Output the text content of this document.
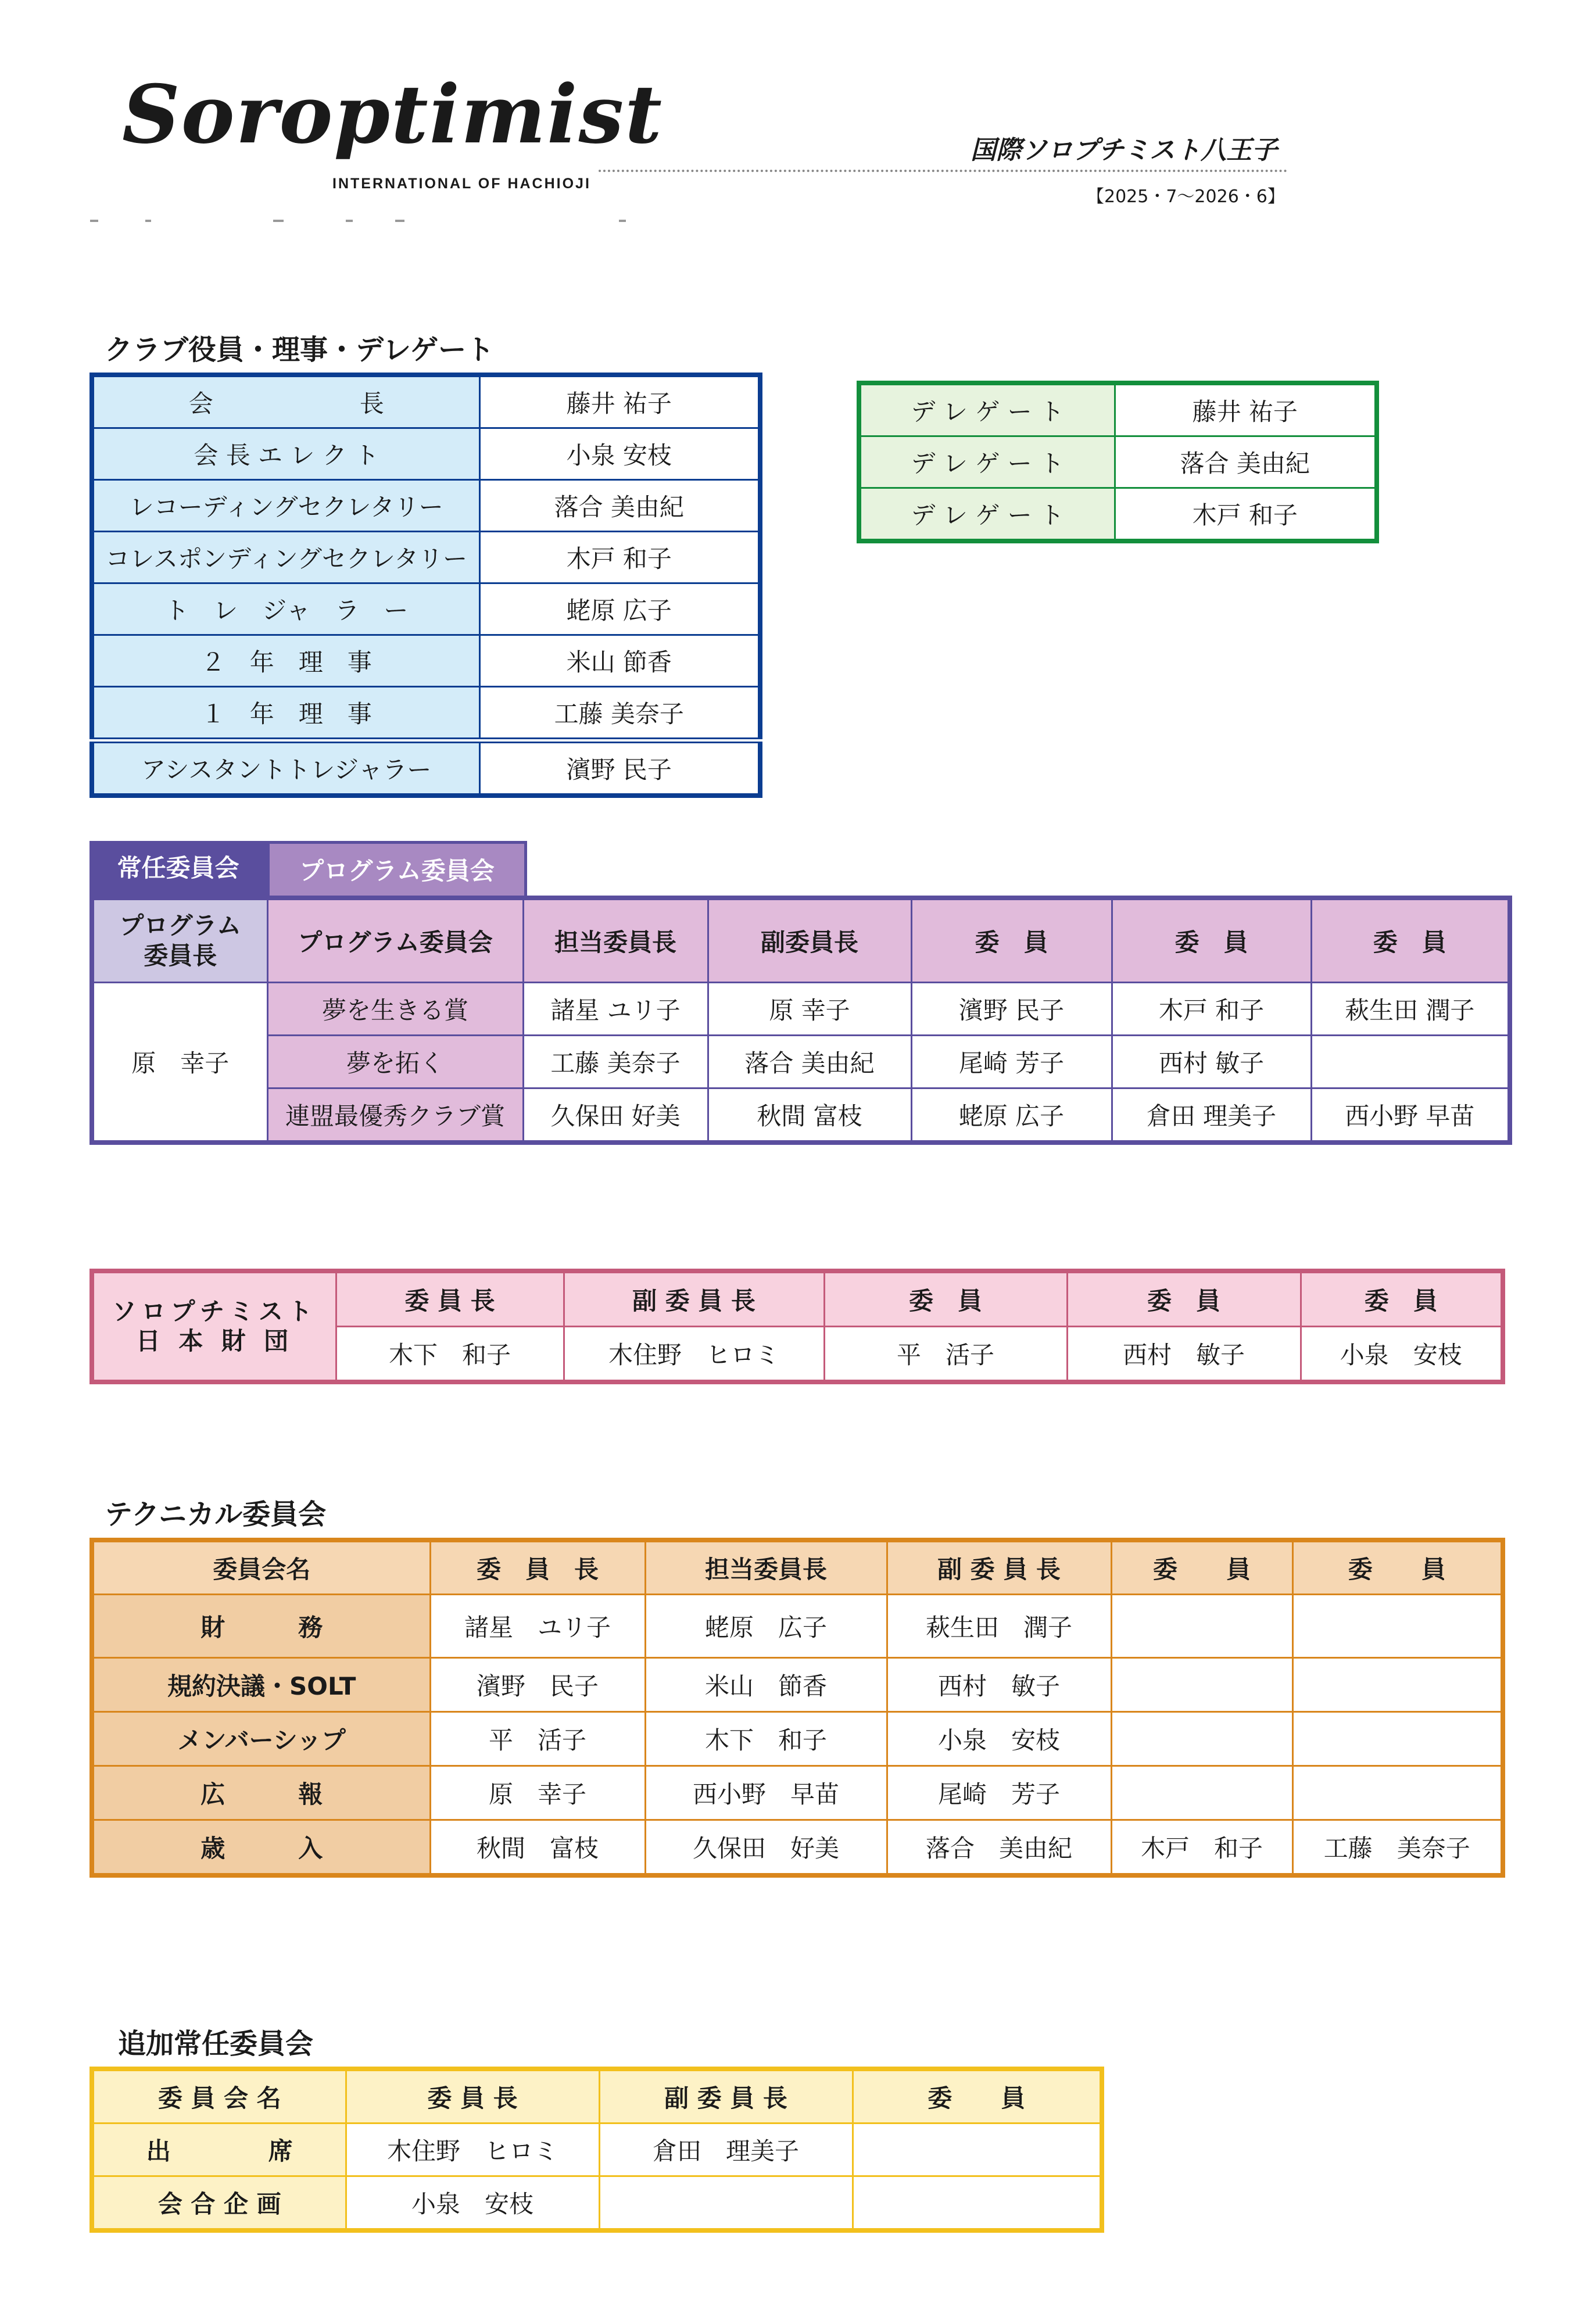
Soroptimist
INTERNATIONAL OF HACHIOJI
国際ソロプチミスト八王子
【2025・7～2026・6】
クラブ役員・理事・デレゲート
会　　　　　　長	藤井 祐子
会 長 エ レ ク ト	小泉 安枝
レコーディングセクレタリー	落合 美由紀
コレスポンディングセクレタリー	木戸 和子
ト　レ　ジャ　ラ　ー	蛯原 広子
２　年　理　事	米山 節香
１　年　理　事	工藤 美奈子
アシスタントトレジャラー	濱野 民子
デ レ ゲ ー ト	藤井 祐子
デ レ ゲ ー ト	落合 美由紀
デ レ ゲ ー ト	木戸 和子
常任委員会	プログラム委員会
プログラム
委員長	プログラム委員会	担当委員長	副委員長	委　員	委　員	委　員
原　幸子	夢を生きる賞	諸星 ユリ子	原 幸子	濱野 民子	木戸 和子	萩生田 潤子
	夢を拓く	工藤 美奈子	落合 美由紀	尾崎 芳子	西村 敏子	
	連盟最優秀クラブ賞	久保田 好美	秋間 富枝	蛯原 広子	倉田 理美子	西小野 早苗
ソロプチミスト
日 本 財 団	委 員 長	副 委 員 長	委　員	委　員	委　員
	木下　和子	木住野　ヒロミ	平　活子	西村　敏子	小泉　安枝
テクニカル委員会
委員会名	委　員　長	担当委員長	副 委 員 長	委　　員	委　　員
財　　　務	諸星　ユリ子	蛯原　広子	萩生田　潤子		
規約決議・SOLT	濱野　民子	米山　節香	西村　敏子		
メンバーシップ	平　活子	木下　和子	小泉　安枝		
広　　　報	原　幸子	西小野　早苗	尾崎　芳子		
歳　　　入	秋間　富枝	久保田　好美	落合　美由紀	木戸　和子	工藤　美奈子
追加常任委員会
委 員 会 名	委 員 長	副 委 員 長	委　　員
出　　　　席	木住野　ヒロミ	倉田　理美子	
会 合 企 画	小泉　安枝		
